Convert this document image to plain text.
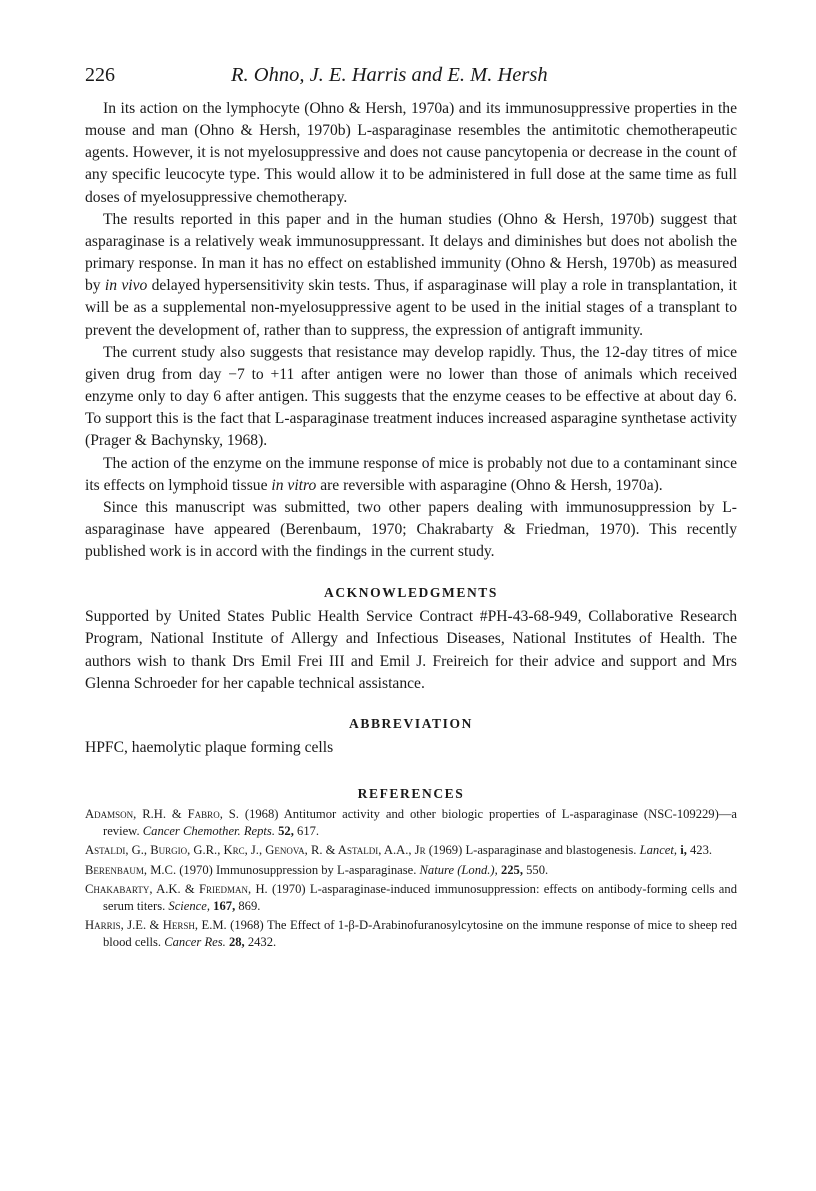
226	R. Ohno, J. E. Harris and E. M. Hersh

In its action on the lymphocyte (Ohno & Hersh, 1970a) and its immunosuppressive properties in the mouse and man (Ohno & Hersh, 1970b) L-asparaginase resembles the antimitotic chemotherapeutic agents. However, it is not myelosuppressive and does not cause pancytopenia or decrease in the count of any specific leucocyte type. This would allow it to be administered in full dose at the same time as full doses of myelosuppressive chemotherapy.

The results reported in this paper and in the human studies (Ohno & Hersh, 1970b) suggest that asparaginase is a relatively weak immunosuppressant. It delays and diminishes but does not abolish the primary response. In man it has no effect on established immunity (Ohno & Hersh, 1970b) as measured by in vivo delayed hypersensitivity skin tests. Thus, if asparaginase will play a role in transplantation, it will be as a supplemental non-myelosuppressive agent to be used in the initial stages of a transplant to prevent the development of, rather than to suppress, the expression of antigraft immunity.

The current study also suggests that resistance may develop rapidly. Thus, the 12-day titres of mice given drug from day −7 to +11 after antigen were no lower than those of animals which received enzyme only to day 6 after antigen. This suggests that the enzyme ceases to be effective at about day 6. To support this is the fact that L-asparaginase treatment induces increased asparagine synthetase activity (Prager & Bachynsky, 1968).

The action of the enzyme on the immune response of mice is probably not due to a contaminant since its effects on lymphoid tissue in vitro are reversible with asparagine (Ohno & Hersh, 1970a).

Since this manuscript was submitted, two other papers dealing with immunosuppression by L-asparaginase have appeared (Berenbaum, 1970; Chakrabarty & Friedman, 1970). This recently published work is in accord with the findings in the current study.

ACKNOWLEDGMENTS

Supported by United States Public Health Service Contract #PH-43-68-949, Collaborative Research Program, National Institute of Allergy and Infectious Diseases, National Institutes of Health. The authors wish to thank Drs Emil Frei III and Emil J. Freireich for their advice and support and Mrs Glenna Schroeder for her capable technical assistance.

ABBREVIATION

HPFC, haemolytic plaque forming cells

REFERENCES
Adamson, R.H. & Fabro, S. (1968) Antitumor activity and other biologic properties of L-asparaginase (NSC-109229)—a review. Cancer Chemother. Repts. 52, 617.
Astaldi, G., Burgio, G.R., Krc, J., Genova, R. & Astaldi, A.A., Jr (1969) L-asparaginase and blastogenesis. Lancet, i, 423.
Berenbaum, M.C. (1970) Immunosuppression by L-asparaginase. Nature (Lond.), 225, 550.
Chakabarty, A.K. & Friedman, H. (1970) L-asparaginase-induced immunosuppression: effects on antibody-forming cells and serum titers. Science, 167, 869.
Harris, J.E. & Hersh, E.M. (1968) The Effect of 1-β-D-Arabinofuranosylcytosine on the immune response of mice to sheep red blood cells. Cancer Res. 28, 2432.
